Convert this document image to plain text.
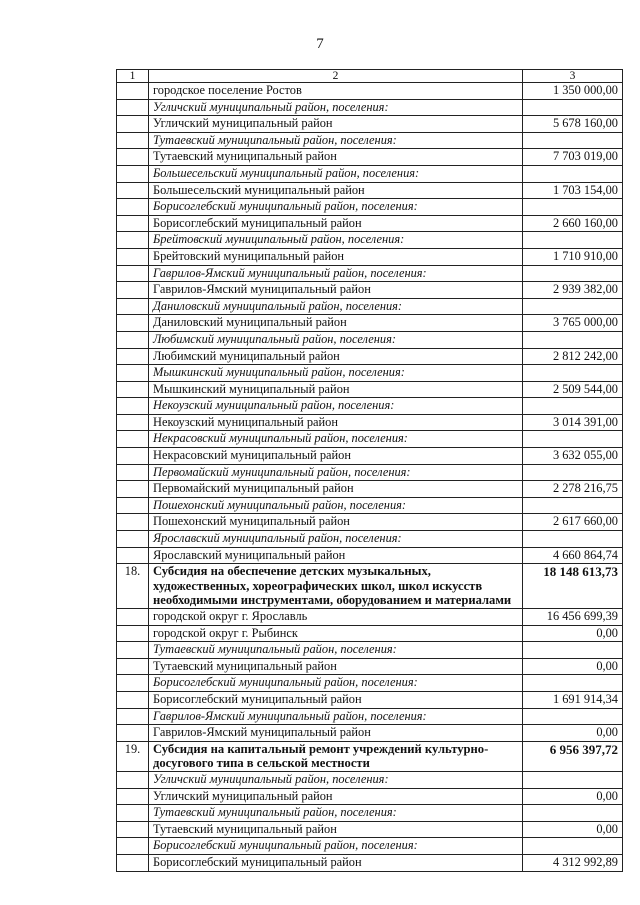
7
1	2	3
	городское поселение Ростов	1 350 000,00
	Угличский муниципальный район, поселения:	
	Угличский муниципальный район	5 678 160,00
	Тутаевский муниципальный район, поселения:	
	Тутаевский муниципальный район	7 703 019,00
	Большесельский муниципальный район, поселения:	
	Большесельский муниципальный район	1 703 154,00
	Борисоглебский муниципальный район, поселения:	
	Борисоглебский муниципальный район	2 660 160,00
	Брейтовский муниципальный район, поселения:	
	Брейтовский муниципальный район	1 710 910,00
	Гаврилов-Ямский муниципальный район, поселения:	
	Гаврилов-Ямский муниципальный район	2 939 382,00
	Даниловский муниципальный район, поселения:	
	Даниловский муниципальный район	3 765 000,00
	Любимский муниципальный район, поселения:	
	Любимский муниципальный район	2 812 242,00
	Мышкинский муниципальный район, поселения:	
	Мышкинский муниципальный район	2 509 544,00
	Некоузский муниципальный район, поселения:	
	Некоузский муниципальный район	3 014 391,00
	Некрасовский муниципальный район, поселения:	
	Некрасовский муниципальный район	3 632 055,00
	Первомайский муниципальный район, поселения:	
	Первомайский муниципальный район	2 278 216,75
	Пошехонский муниципальный район, поселения:	
	Пошехонский муниципальный район	2 617 660,00
	Ярославский муниципальный район, поселения:	
	Ярославский муниципальный район	4 660 864,74
18.	Субсидия на обеспечение детских музыкальных, художественных, хореографических школ, школ искусств необходимыми инструментами, оборудованием и материалами	18 148 613,73
	городской округ г. Ярославль	16 456 699,39
	городской округ г. Рыбинск	0,00
	Тутаевский муниципальный район, поселения:	
	Тутаевский муниципальный район	0,00
	Борисоглебский муниципальный район, поселения:	
	Борисоглебский муниципальный район	1 691 914,34
	Гаврилов-Ямский муниципальный район, поселения:	
	Гаврилов-Ямский муниципальный район	0,00
19.	Субсидия на капитальный ремонт учреждений культурно-досугового типа в сельской местности	6 956 397,72
	Угличский муниципальный район, поселения:	
	Угличский муниципальный район	0,00
	Тутаевский муниципальный район, поселения:	
	Тутаевский муниципальный район	0,00
	Борисоглебский муниципальный район, поселения:	
	Борисоглебский муниципальный район	4 312 992,89
